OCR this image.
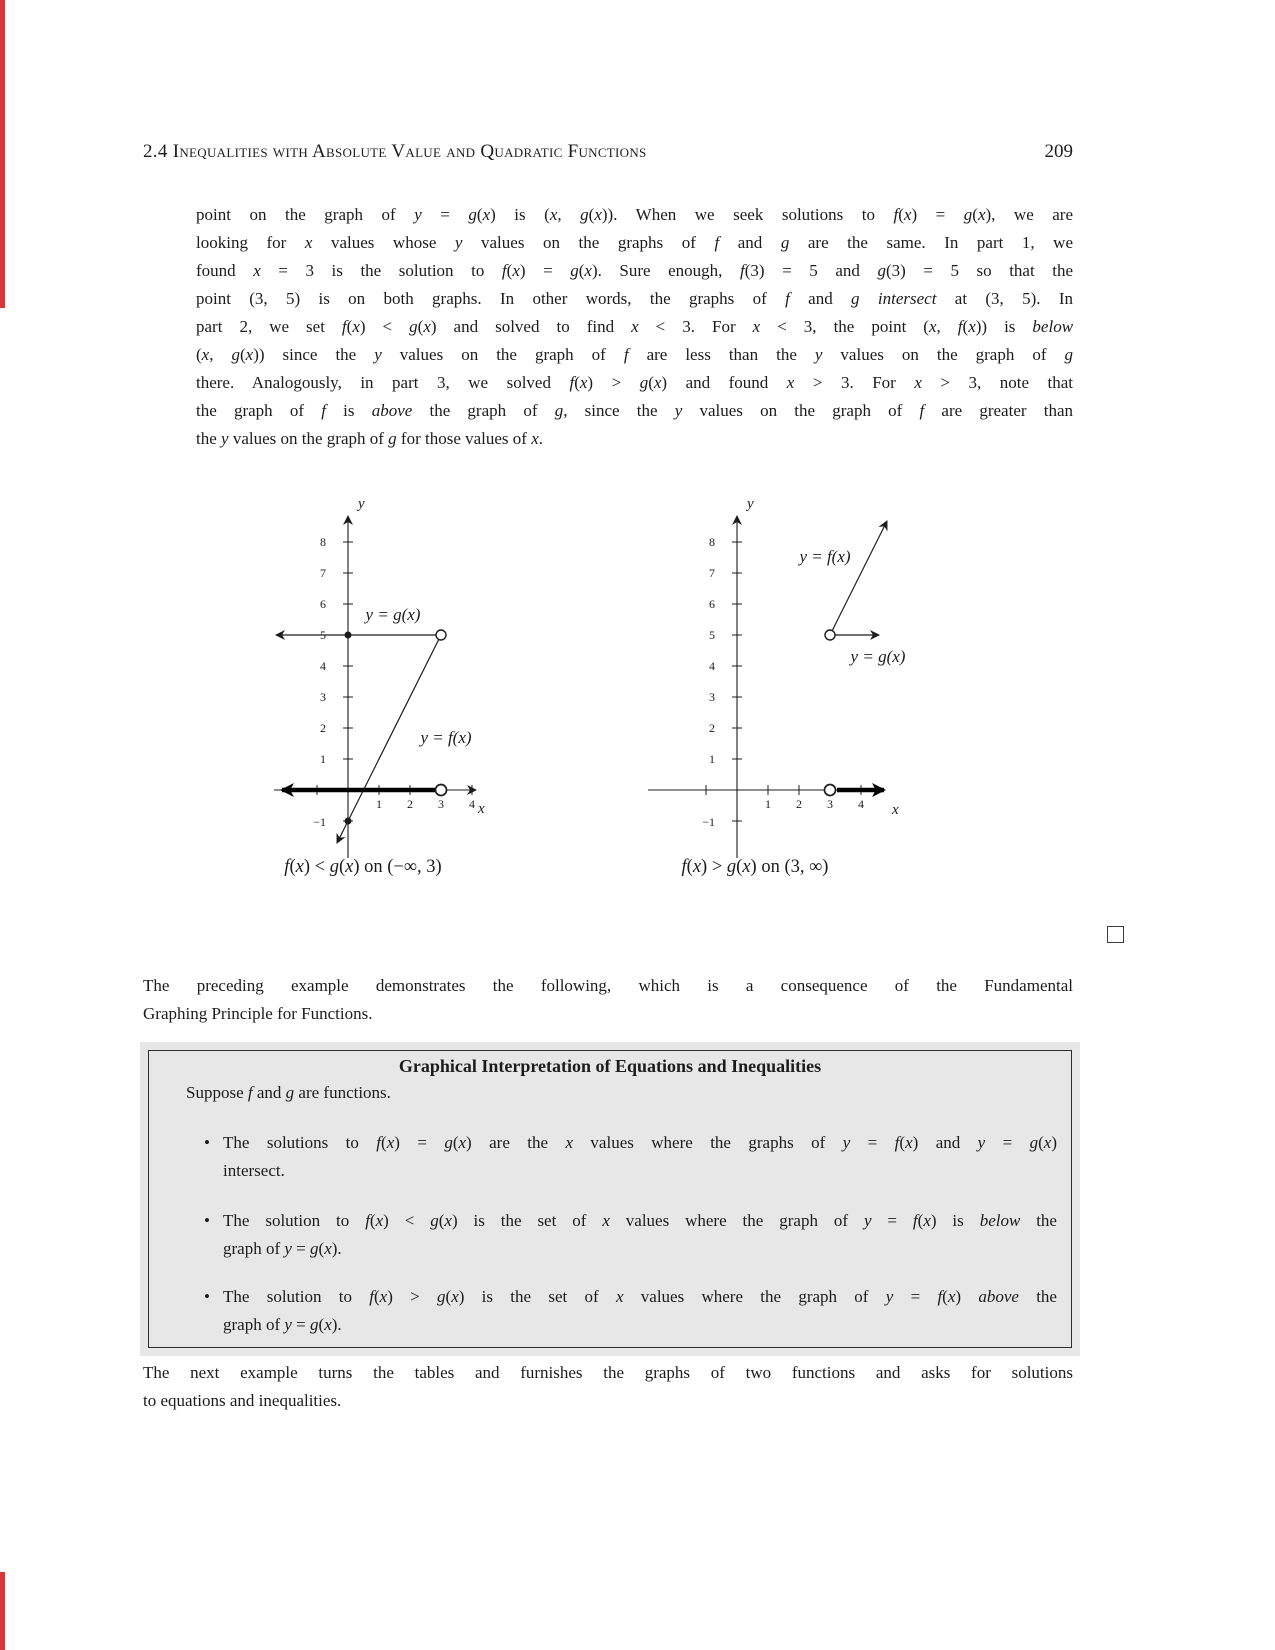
2.4 Inequalities with Absolute Value and Quadratic Functions	209
point on the graph of y = g(x) is (x, g(x)). When we seek solutions to f(x) = g(x), we are
looking for x values whose y values on the graphs of f and g are the same. In part 1, we
found x = 3 is the solution to f(x) = g(x). Sure enough, f(3) = 5 and g(3) = 5 so that the
point (3, 5) is on both graphs. In other words, the graphs of f and g intersect at (3, 5). In
part 2, we set f(x) < g(x) and solved to find x < 3. For x < 3, the point (x, f(x)) is below
(x, g(x)) since the y values on the graph of f are less than the y values on the graph of g
there. Analogously, in part 3, we solved f(x) > g(x) and found x > 3. For x > 3, note that
the graph of f is above the graph of g, since the y values on the graph of f are greater than
the y values on the graph of g for those values of x.
1
2
3
4
5
6
7
8
−1
1 2 3 4
y
x
y = g(x)
y = f(x)
1
2
3
4
5
6
7
8
−1
1 2 3 4
y
x
y = f(x)
y = g(x)
f(x) < g(x) on (−∞, 3)	f(x) > g(x) on (3, ∞)
The preceding example demonstrates the following, which is a consequence of the Fundamental
Graphing Principle for Functions.
Graphical Interpretation of Equations and Inequalities
Suppose f and g are functions.
• The solutions to f(x) = g(x) are the x values where the graphs of y = f(x) and y = g(x)
intersect.
• The solution to f(x) < g(x) is the set of x values where the graph of y = f(x) is below the
graph of y = g(x).
• The solution to f(x) > g(x) is the set of x values where the graph of y = f(x) above the
graph of y = g(x).
The next example turns the tables and furnishes the graphs of two functions and asks for solutions
to equations and inequalities.
